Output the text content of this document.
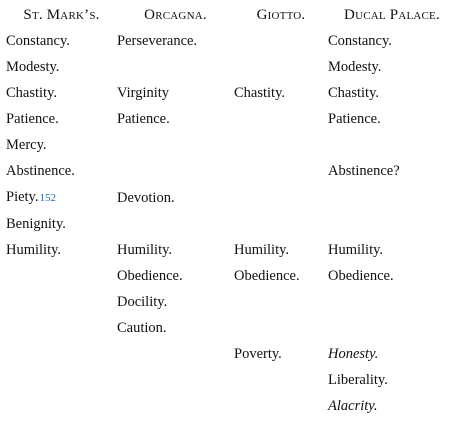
St. Mark’s.	Orcagna.	Giotto.	Ducal Palace.
Constancy.	Perseverance.		Constancy.
Modesty.			Modesty.
Chastity.	Virginity	Chastity.	Chastity.
Patience.	Patience.		Patience.
Mercy.			
Abstinence.			Abstinence?
Piety.152	Devotion.		
Benignity.			
Humility.	Humility.	Humility.	Humility.
	Obedience.	Obedience.	Obedience.
	Docility.		
	Caution.		
		Poverty.	Honesty.
			Liberality.
			Alacrity.
